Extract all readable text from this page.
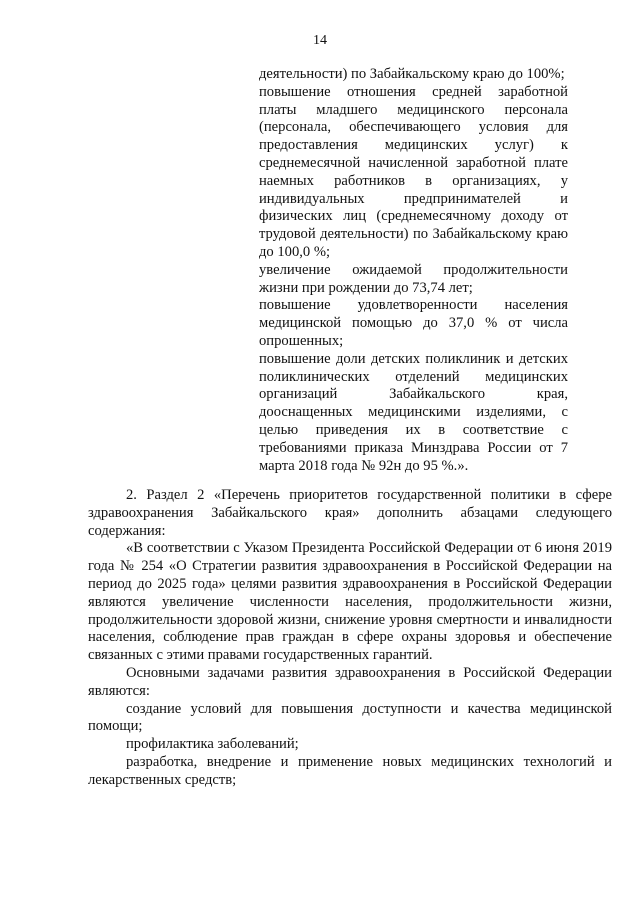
14

деятельности) по Забайкальскому краю до 100%;

повышение отношения средней заработной платы младшего медицинского персонала (персонала, обеспечивающего условия для предоставления медицинских услуг) к среднемесячной начисленной заработной плате наемных работников в организациях, у индивидуальных предпринимателей и физических лиц (среднемесячному доходу от трудовой деятельности) по Забайкальскому краю до 100,0 %;

увеличение ожидаемой продолжительности жизни при рождении до 73,74 лет;

повышение удовлетворенности населения медицинской помощью до 37,0 % от числа опрошенных;

повышение доли детских поликлиник и детских поликлинических отделений медицинских организаций Забайкальского края, дооснащенных медицинскими изделиями, с целью приведения их в соответствие с требованиями приказа Минздрава России от 7 марта 2018 года № 92н до 95 %.».

2. Раздел 2 «Перечень приоритетов государственной политики в сфере здравоохранения Забайкальского края» дополнить абзацами следующего содержания:

«В соответствии с Указом Президента Российской Федерации от 6 июня 2019 года № 254 «О Стратегии развития здравоохранения в Российской Федерации на период до 2025 года» целями развития здравоохранения в Российской Федерации являются увеличение численности населения, продолжительности жизни, продолжительности здоровой жизни, снижение уровня смертности и инвалидности населения, соблюдение прав граждан в сфере охраны здоровья и обеспечение связанных с этими правами государственных гарантий.

Основными задачами развития здравоохранения в Российской Федерации являются:

создание условий для повышения доступности и качества медицинской помощи;

профилактика заболеваний;

разработка, внедрение и применение новых медицинских технологий и лекарственных средств;
